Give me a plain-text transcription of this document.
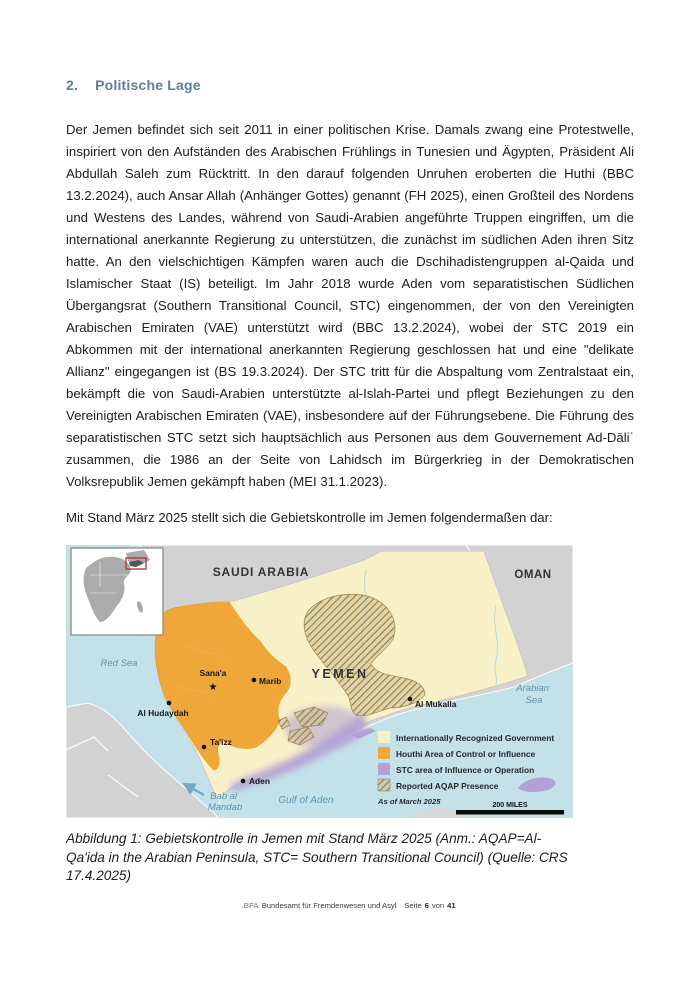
2. Politische Lage

Der Jemen befindet sich seit 2011 in einer politischen Krise. Damals zwang eine Protestwelle, inspiriert von den Aufständen des Arabischen Frühlings in Tunesien und Ägypten, Präsident Ali Abdullah Saleh zum Rücktritt. In den darauf folgenden Unruhen eroberten die Huthi (BBC 13.2.2024), auch Ansar Allah (Anhänger Gottes) genannt (FH 2025), einen Großteil des Nordens und Westens des Landes, während von Saudi-Arabien angeführte Truppen eingriffen, um die international anerkannte Regierung zu unterstützen, die zunächst im südlichen Aden ihren Sitz hatte. An den vielschichtigen Kämpfen waren auch die Dschihadistengruppen al-Qaida und Islamischer Staat (IS) beteiligt. Im Jahr 2018 wurde Aden vom separatistischen Südlichen Übergangsrat (Southern Transitional Council, STC) eingenommen, der von den Vereinigten Arabischen Emiraten (VAE) unterstützt wird (BBC 13.2.2024), wobei der STC 2019 ein Abkommen mit der international anerkannten Regierung geschlossen hat und eine "delikate Allianz" eingegangen ist (BS 19.3.2024). Der STC tritt für die Abspaltung vom Zentralstaat ein, bekämpft die von Saudi-Arabien unterstützte al-Islah-Partei und pflegt Beziehungen zu den Vereinigten Arabischen Emiraten (VAE), insbesondere auf der Führungsebene. Die Führung des separatistischen STC setzt sich hauptsächlich aus Personen aus dem Gouvernement Ad-Dāliʿ zusammen, die 1986 an der Seite von Lahidsch im Bürgerkrieg in der Demokratischen Volksrepublik Jemen gekämpft haben (MEI 31.1.2023).

Mit Stand März 2025 stellt sich die Gebietskontrolle im Jemen folgendermaßen dar:

SAUDI ARABIA	OMAN
YEMEN
Red Sea
Arabian Sea
Gulf of Aden
Bab al Mandab
Sana'a
★
Marib
Al Hudaydah
Ta'izz
Aden
Al Mukalla
Internationally Recognized Government
Houthi Area of Control or Influence
STC area of Influence or Operation
Reported AQAP Presence
As of March 2025	200 MILES

Abbildung 1: Gebietskontrolle in Jemen mit Stand März 2025 (Anm.: AQAP=Al-Qa'ida in the Arabian Peninsula, STC= Southern Transitional Council) (Quelle: CRS 17.4.2025)

.BFA Bundesamt für Fremdenwesen und Asyl Seite 6 von 41
